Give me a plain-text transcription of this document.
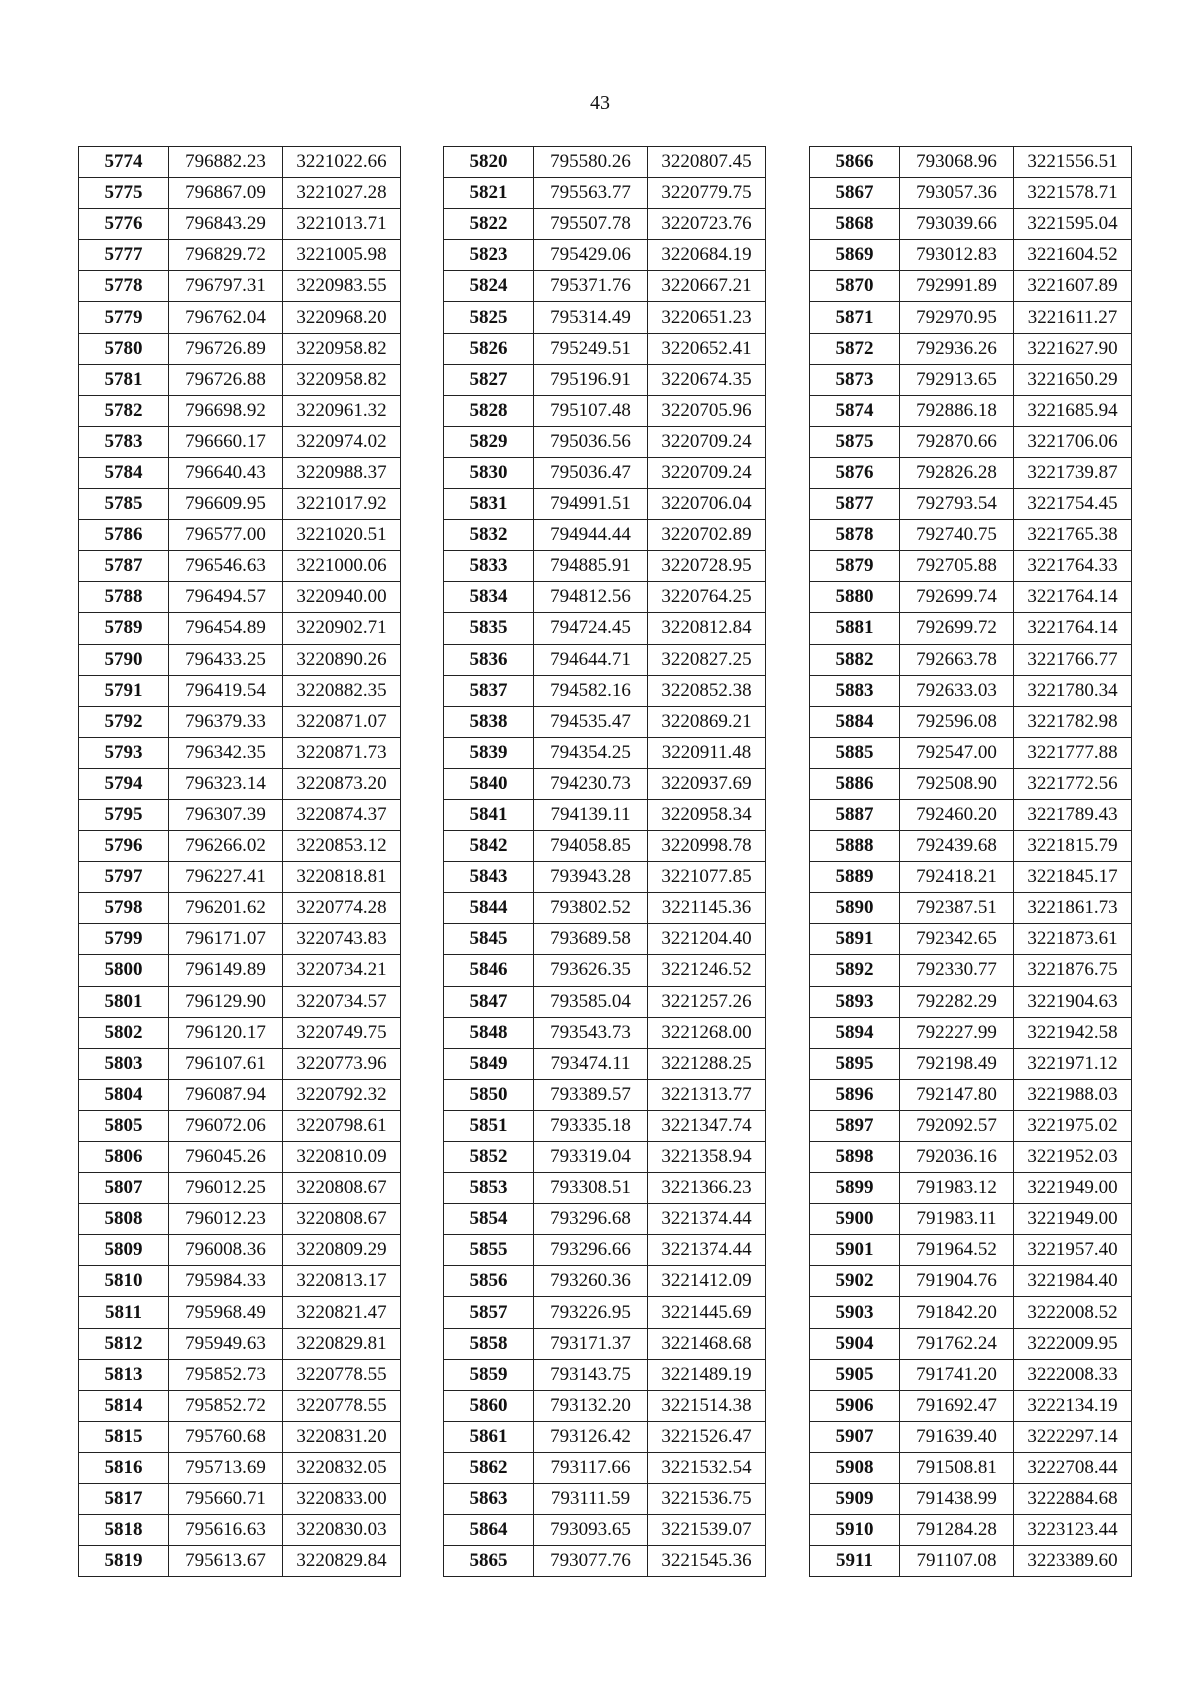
43
5774	796882.23	3221022.66
5775	796867.09	3221027.28
5776	796843.29	3221013.71
5777	796829.72	3221005.98
5778	796797.31	3220983.55
5779	796762.04	3220968.20
5780	796726.89	3220958.82
5781	796726.88	3220958.82
5782	796698.92	3220961.32
5783	796660.17	3220974.02
5784	796640.43	3220988.37
5785	796609.95	3221017.92
5786	796577.00	3221020.51
5787	796546.63	3221000.06
5788	796494.57	3220940.00
5789	796454.89	3220902.71
5790	796433.25	3220890.26
5791	796419.54	3220882.35
5792	796379.33	3220871.07
5793	796342.35	3220871.73
5794	796323.14	3220873.20
5795	796307.39	3220874.37
5796	796266.02	3220853.12
5797	796227.41	3220818.81
5798	796201.62	3220774.28
5799	796171.07	3220743.83
5800	796149.89	3220734.21
5801	796129.90	3220734.57
5802	796120.17	3220749.75
5803	796107.61	3220773.96
5804	796087.94	3220792.32
5805	796072.06	3220798.61
5806	796045.26	3220810.09
5807	796012.25	3220808.67
5808	796012.23	3220808.67
5809	796008.36	3220809.29
5810	795984.33	3220813.17
5811	795968.49	3220821.47
5812	795949.63	3220829.81
5813	795852.73	3220778.55
5814	795852.72	3220778.55
5815	795760.68	3220831.20
5816	795713.69	3220832.05
5817	795660.71	3220833.00
5818	795616.63	3220830.03
5819	795613.67	3220829.84
5820	795580.26	3220807.45
5821	795563.77	3220779.75
5822	795507.78	3220723.76
5823	795429.06	3220684.19
5824	795371.76	3220667.21
5825	795314.49	3220651.23
5826	795249.51	3220652.41
5827	795196.91	3220674.35
5828	795107.48	3220705.96
5829	795036.56	3220709.24
5830	795036.47	3220709.24
5831	794991.51	3220706.04
5832	794944.44	3220702.89
5833	794885.91	3220728.95
5834	794812.56	3220764.25
5835	794724.45	3220812.84
5836	794644.71	3220827.25
5837	794582.16	3220852.38
5838	794535.47	3220869.21
5839	794354.25	3220911.48
5840	794230.73	3220937.69
5841	794139.11	3220958.34
5842	794058.85	3220998.78
5843	793943.28	3221077.85
5844	793802.52	3221145.36
5845	793689.58	3221204.40
5846	793626.35	3221246.52
5847	793585.04	3221257.26
5848	793543.73	3221268.00
5849	793474.11	3221288.25
5850	793389.57	3221313.77
5851	793335.18	3221347.74
5852	793319.04	3221358.94
5853	793308.51	3221366.23
5854	793296.68	3221374.44
5855	793296.66	3221374.44
5856	793260.36	3221412.09
5857	793226.95	3221445.69
5858	793171.37	3221468.68
5859	793143.75	3221489.19
5860	793132.20	3221514.38
5861	793126.42	3221526.47
5862	793117.66	3221532.54
5863	793111.59	3221536.75
5864	793093.65	3221539.07
5865	793077.76	3221545.36
5866	793068.96	3221556.51
5867	793057.36	3221578.71
5868	793039.66	3221595.04
5869	793012.83	3221604.52
5870	792991.89	3221607.89
5871	792970.95	3221611.27
5872	792936.26	3221627.90
5873	792913.65	3221650.29
5874	792886.18	3221685.94
5875	792870.66	3221706.06
5876	792826.28	3221739.87
5877	792793.54	3221754.45
5878	792740.75	3221765.38
5879	792705.88	3221764.33
5880	792699.74	3221764.14
5881	792699.72	3221764.14
5882	792663.78	3221766.77
5883	792633.03	3221780.34
5884	792596.08	3221782.98
5885	792547.00	3221777.88
5886	792508.90	3221772.56
5887	792460.20	3221789.43
5888	792439.68	3221815.79
5889	792418.21	3221845.17
5890	792387.51	3221861.73
5891	792342.65	3221873.61
5892	792330.77	3221876.75
5893	792282.29	3221904.63
5894	792227.99	3221942.58
5895	792198.49	3221971.12
5896	792147.80	3221988.03
5897	792092.57	3221975.02
5898	792036.16	3221952.03
5899	791983.12	3221949.00
5900	791983.11	3221949.00
5901	791964.52	3221957.40
5902	791904.76	3221984.40
5903	791842.20	3222008.52
5904	791762.24	3222009.95
5905	791741.20	3222008.33
5906	791692.47	3222134.19
5907	791639.40	3222297.14
5908	791508.81	3222708.44
5909	791438.99	3222884.68
5910	791284.28	3223123.44
5911	791107.08	3223389.60
